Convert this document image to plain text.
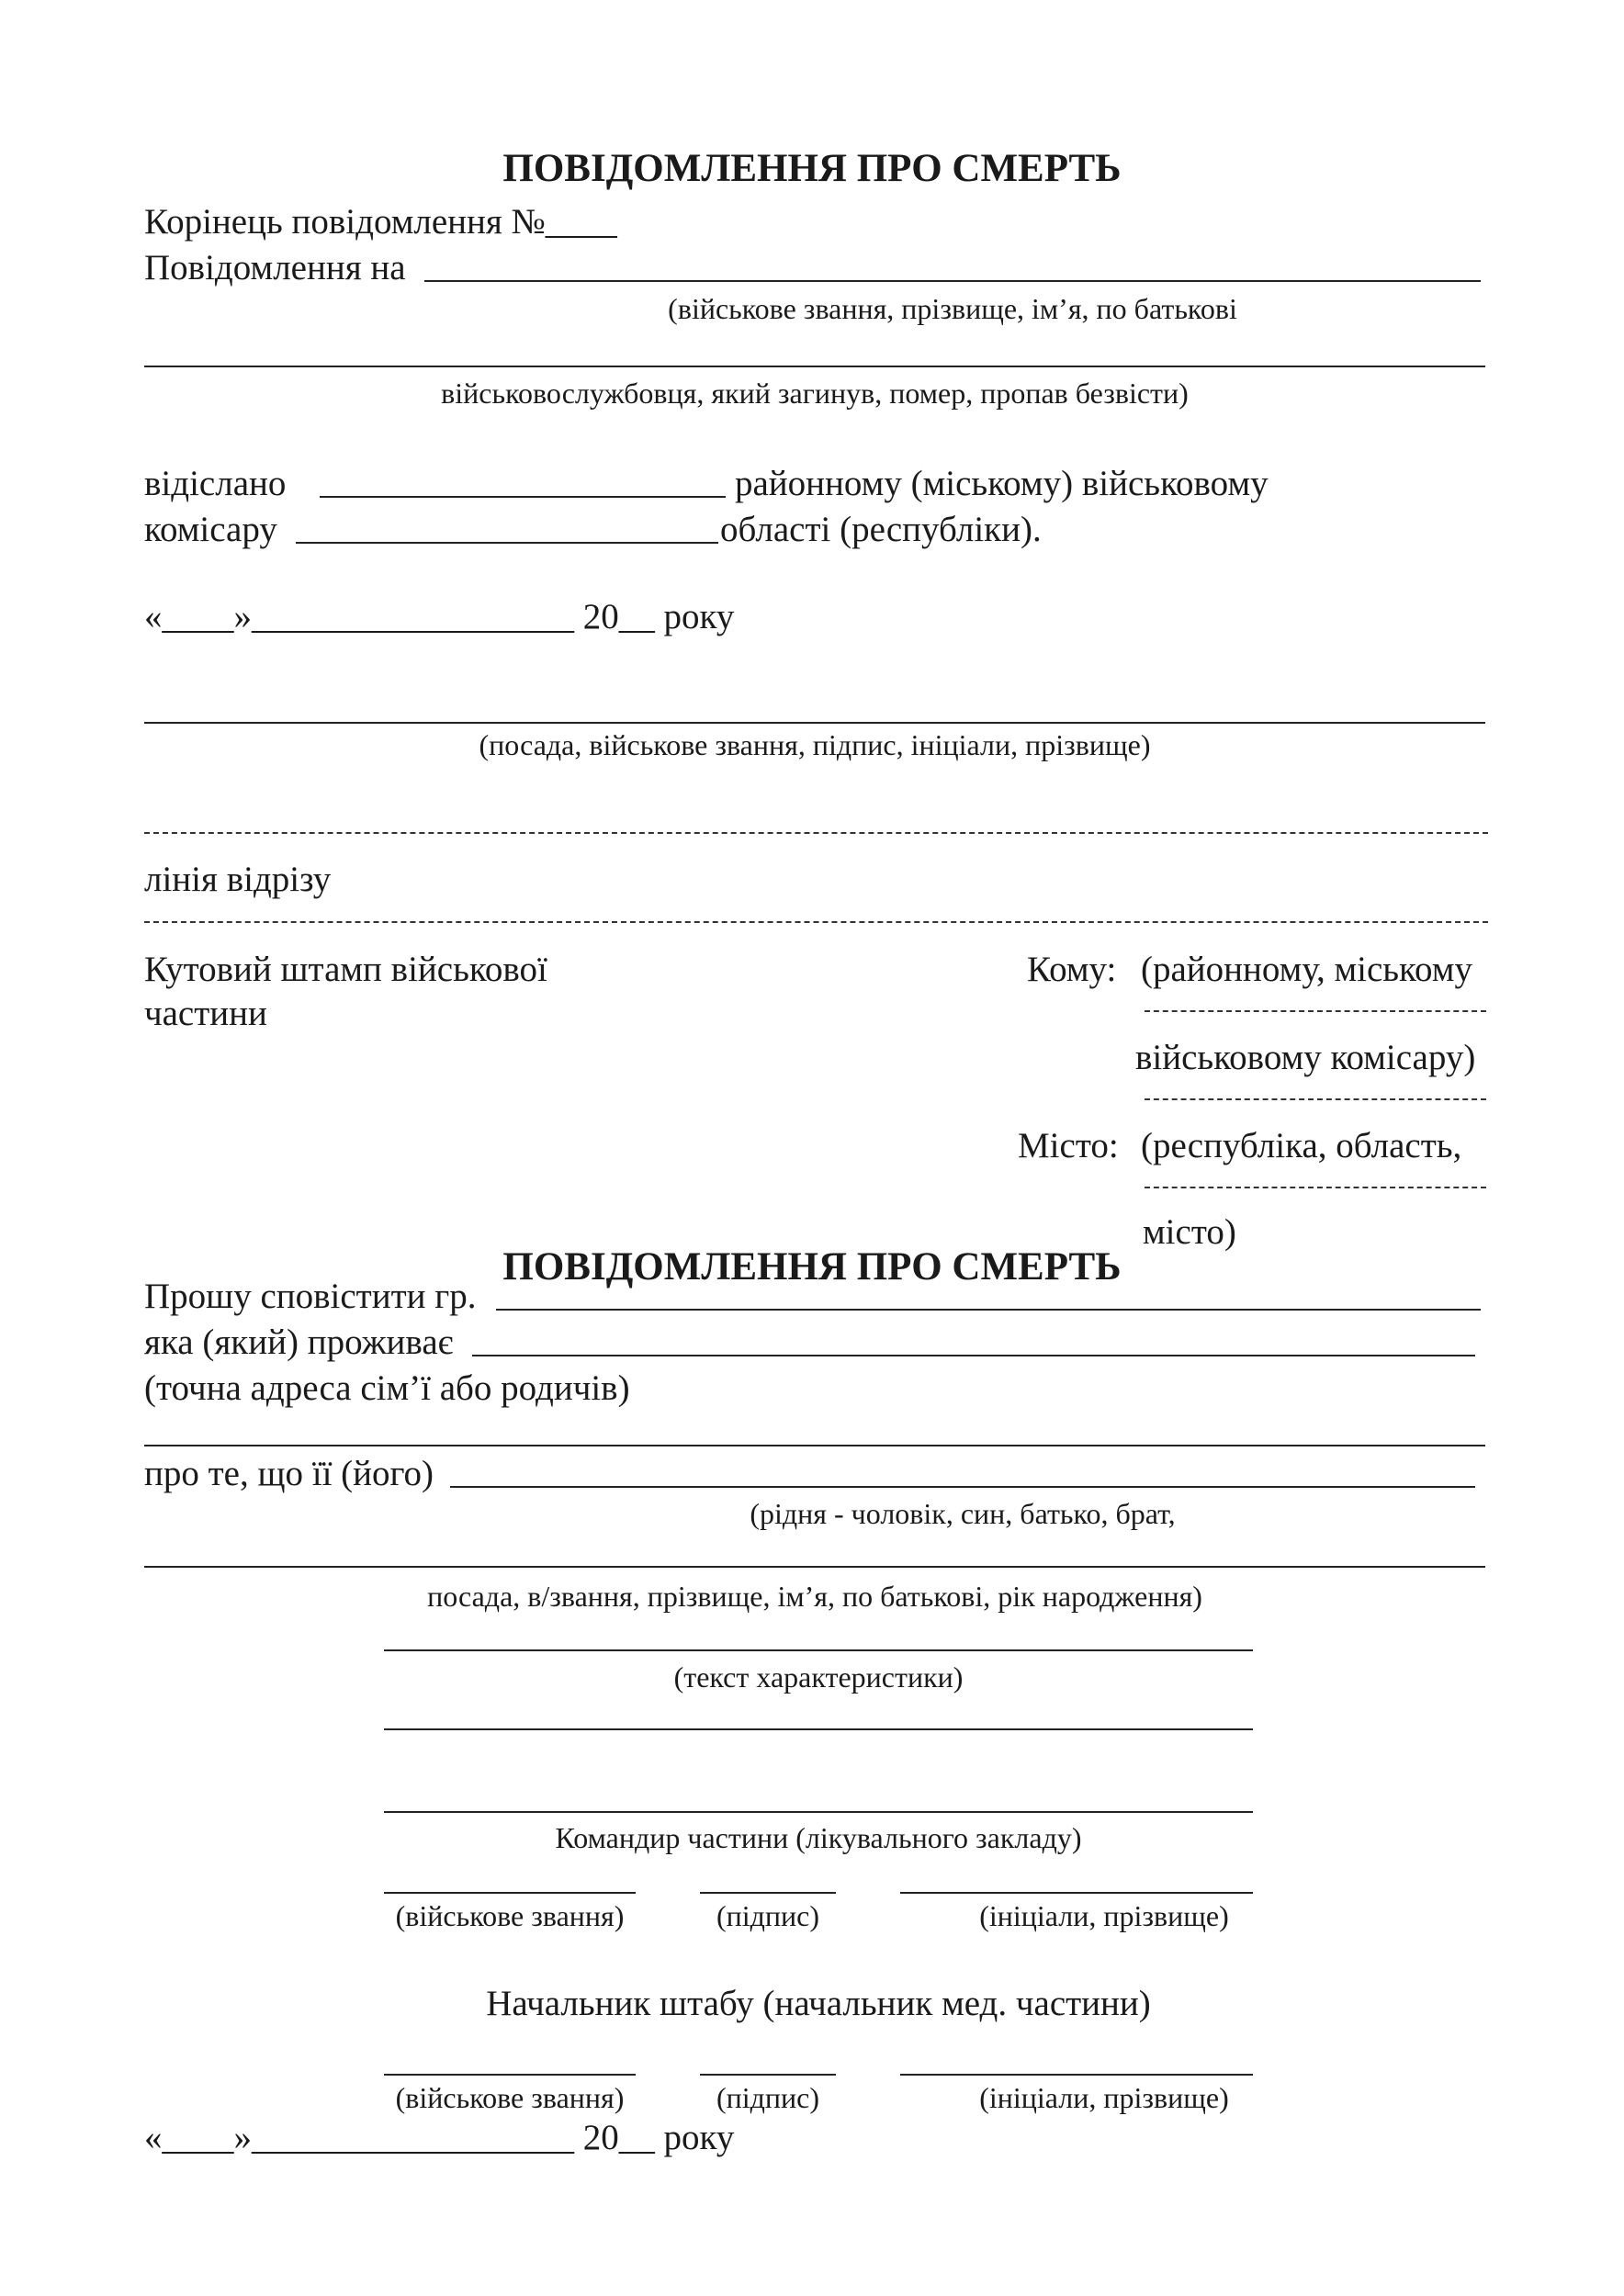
ПОВІДОМЛЕННЯ ПРО СМЕРТЬ
Корінець повідомлення №____
Повідомлення на
(військове звання, прізвище, ім’я, по батькові
військовослужбовця, який загинув, помер, пропав безвісти)
відіслано	районному (міському) військовому
комісару	області (республіки).
«____»__________________ 20__ року
(посада, військове звання, підпис, ініціали, прізвище)
лінія відрізу
Кутовий штамп військової
частини
Кому: (районному, міському
військовому комісару)
Місто: (республіка, область,
місто)
ПОВІДОМЛЕННЯ ПРО СМЕРТЬ
Прошу сповістити гр.
яка (який) проживає
(точна адреса сім’ї або родичів)
про те, що її (його)
(рідня - чоловік, син, батько, брат,
посада, в/звання, прізвище, ім’я, по батькові, рік народження)
(текст характеристики)
Командир частини (лікувального закладу)
(військове звання)	(підпис)	(ініціали, прізвище)
Начальник штабу (начальник мед. частини)
(військове звання)	(підпис)	(ініціали, прізвище)
«____»__________________ 20__ року
